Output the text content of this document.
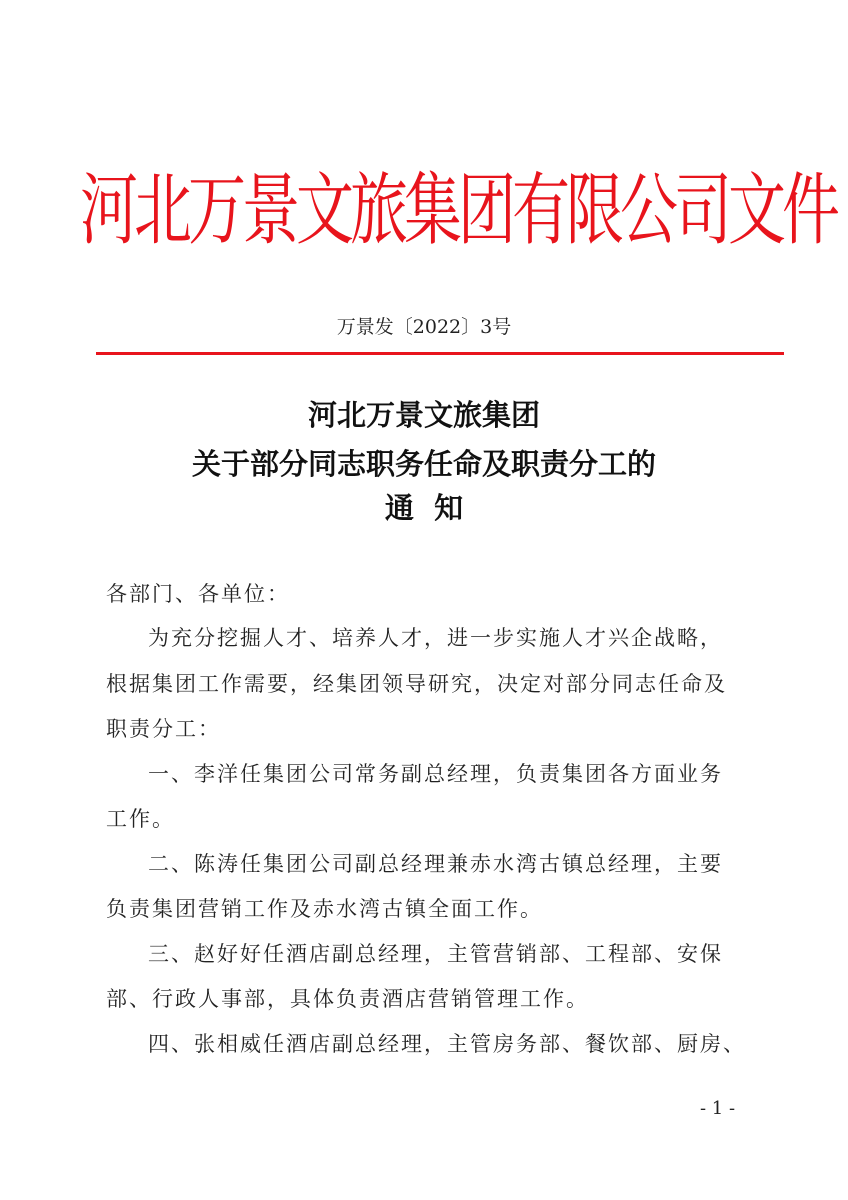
河北万景文旅集团有限公司文件
万景发〔2022〕3号
河北万景文旅集团
关于部分同志职务任命及职责分工的
通  知
各部门、各单位：
为充分挖掘人才、培养人才，进一步实施人才兴企战略，
根据集团工作需要，经集团领导研究，决定对部分同志任命及
职责分工：
一、李洋任集团公司常务副总经理，负责集团各方面业务
工作。
二、陈涛任集团公司副总经理兼赤水湾古镇总经理，主要
负责集团营销工作及赤水湾古镇全面工作。
三、赵好好任酒店副总经理，主管营销部、工程部、安保
部、行政人事部，具体负责酒店营销管理工作。
四、张相威任酒店副总经理，主管房务部、餐饮部、厨房、
- 1 -
